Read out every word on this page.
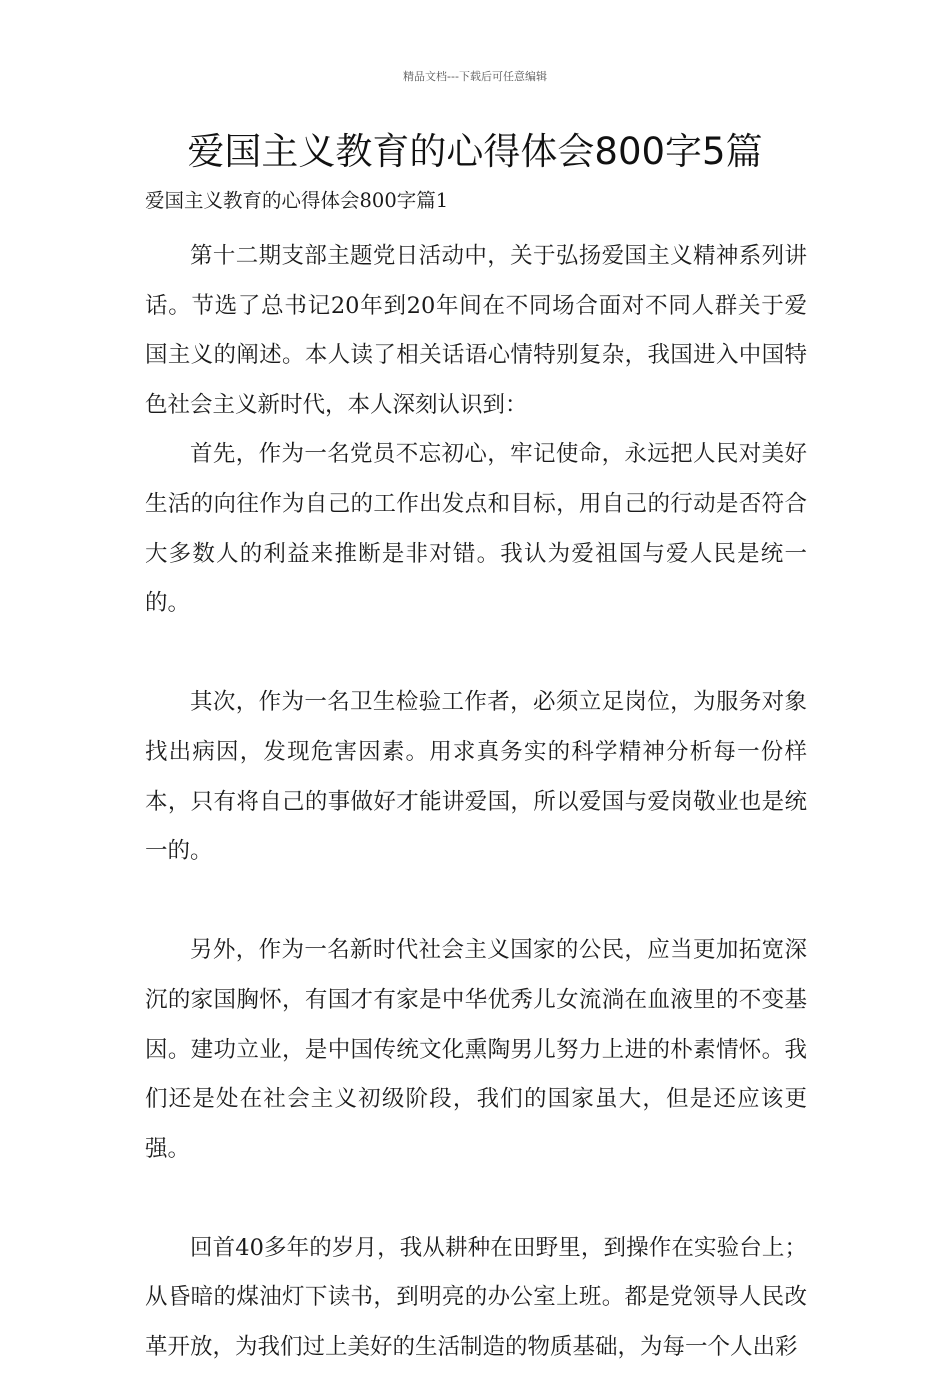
精品文档---下载后可任意编辑
爱国主义教育的心得体会800字5篇
爱国主义教育的心得体会800字篇1

第十二期支部主题党日活动中，关于弘扬爱国主义精神系列讲话。节选了总书记20年到20年间在不同场合面对不同人群关于爱国主义的阐述。本人读了相关话语心情特别复杂，我国进入中国特色社会主义新时代，本人深刻认识到：

首先，作为一名党员不忘初心，牢记使命，永远把人民对美好生活的向往作为自己的工作出发点和目标，用自己的行动是否符合大多数人的利益来推断是非对错。我认为爱祖国与爱人民是统一的。

其次，作为一名卫生检验工作者，必须立足岗位，为服务对象找出病因，发现危害因素。用求真务实的科学精神分析每一份样本，只有将自己的事做好才能讲爱国，所以爱国与爱岗敬业也是统一的。

另外，作为一名新时代社会主义国家的公民，应当更加拓宽深沉的家国胸怀，有国才有家是中华优秀儿女流淌在血液里的不变基因。建功立业，是中国传统文化熏陶男儿努力上进的朴素情怀。我们还是处在社会主义初级阶段，我们的国家虽大，但是还应该更强。

回首40多年的岁月，我从耕种在田野里，到操作在实验台上；从昏暗的煤油灯下读书，到明亮的办公室上班。都是党领导人民改革开放，为我们过上美好的生活制造的物质基础，为每一个人出彩
